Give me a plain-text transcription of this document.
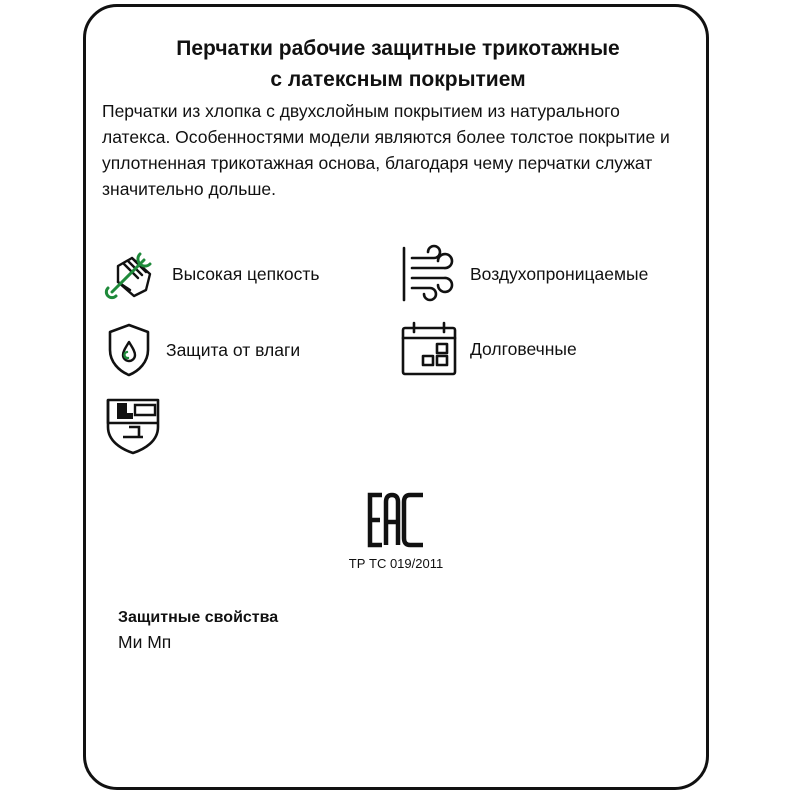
Перчатки рабочие защитные трикотажные
с латексным покрытием
Перчатки из хлопка с двухслойным покрытием из натурального латекса. Особенностями модели являются более толстое покрытие и уплотненная трикотажная основа, благодаря чему перчатки служат значительно дольше.
Высокая цепкость	Воздухопроницаемые
Защита от влаги	Долговечные
ТР ТС 019/2011
Защитные свойства
Ми Мп
